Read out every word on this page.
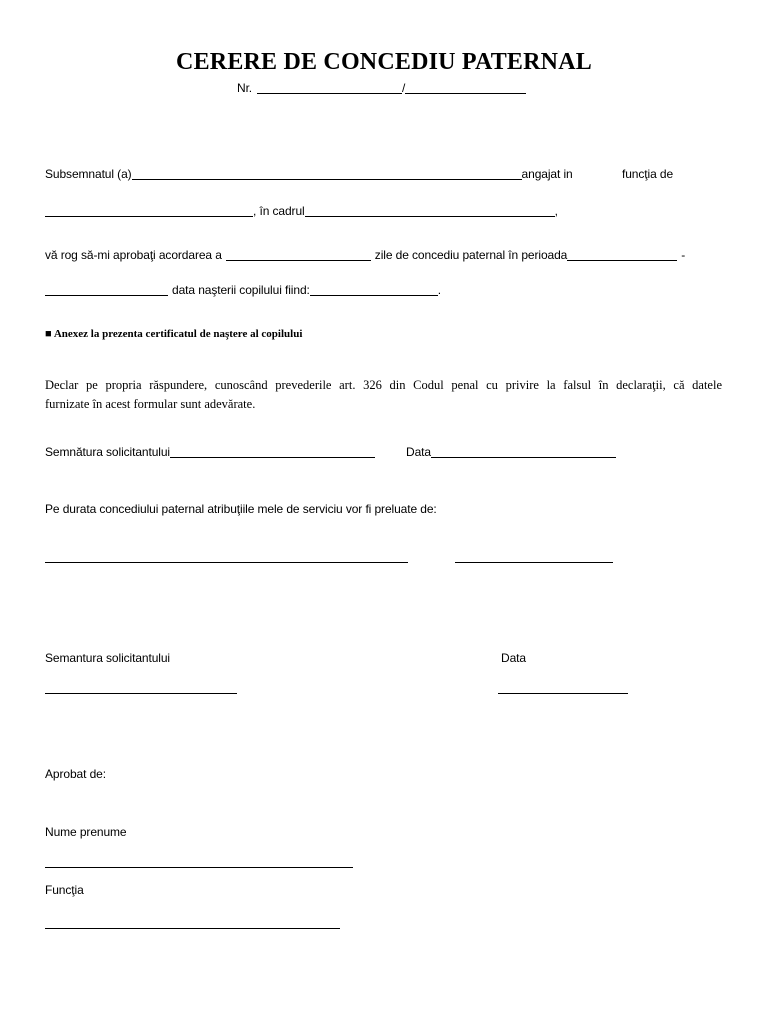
CERERE DE CONCEDIU PATERNAL
Nr.	/
Subsemnatul (a)	angajat in	funcţia de
, în cadrul	,
vă rog să-mi aprobaţi acordarea a	zile de concediu paternal în perioada	-
data naşterii copilului fiind:	.
■ Anexez la prezenta certificatul de naştere al copilului
Declar pe propria răspundere, cunoscând prevederile art. 326 din Codul penal cu privire la falsul în declaraţii, că datele
furnizate în acest formular sunt adevărate.
Semnătura solicitantului	Data
Pe durata concediului paternal atribuţiile mele de serviciu vor fi preluate de:
Semantura solicitantului	Data
Aprobat de:
Nume prenume
Funcţia
